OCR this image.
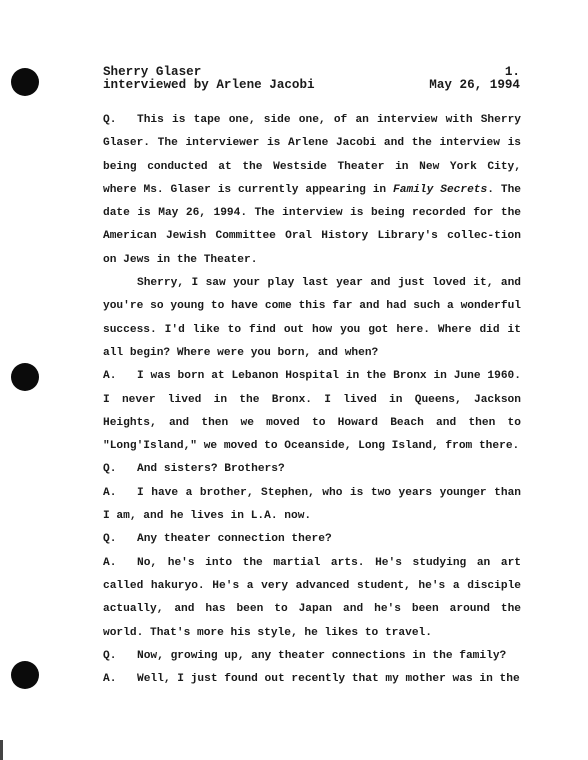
Sherry Glaser	1.
interviewed by Arlene Jacobi	May 26, 1994

Q. This is tape one, side one, of an interview with Sherry Glaser. The interviewer is Arlene Jacobi and the interview is being conducted at the Westside Theater in New York City, where Ms. Glaser is currently appearing in Family Secrets. The date is May 26, 1994. The interview is being recorded for the American Jewish Committee Oral History Library's collec-tion on Jews in the Theater.

Sherry, I saw your play last year and just loved it, and you're so young to have come this far and had such a wonderful success. I'd like to find out how you got here. Where did it all begin? Where were you born, and when?

A. I was born at Lebanon Hospital in the Bronx in June 1960. I never lived in the Bronx. I lived in Queens, Jackson Heights, and then we moved to Howard Beach and then to "Long'Island," we moved to Oceanside, Long Island, from there.

Q. And sisters? Brothers?

A. I have a brother, Stephen, who is two years younger than I am, and he lives in L.A. now.

Q. Any theater connection there?

A. No, he's into the martial arts. He's studying an art called hakuryo. He's a very advanced student, he's a disciple actually, and has been to Japan and he's been around the world. That's more his style, he likes to travel.

Q. Now, growing up, any theater connections in the family?

A. Well, I just found out recently that my mother was in the
